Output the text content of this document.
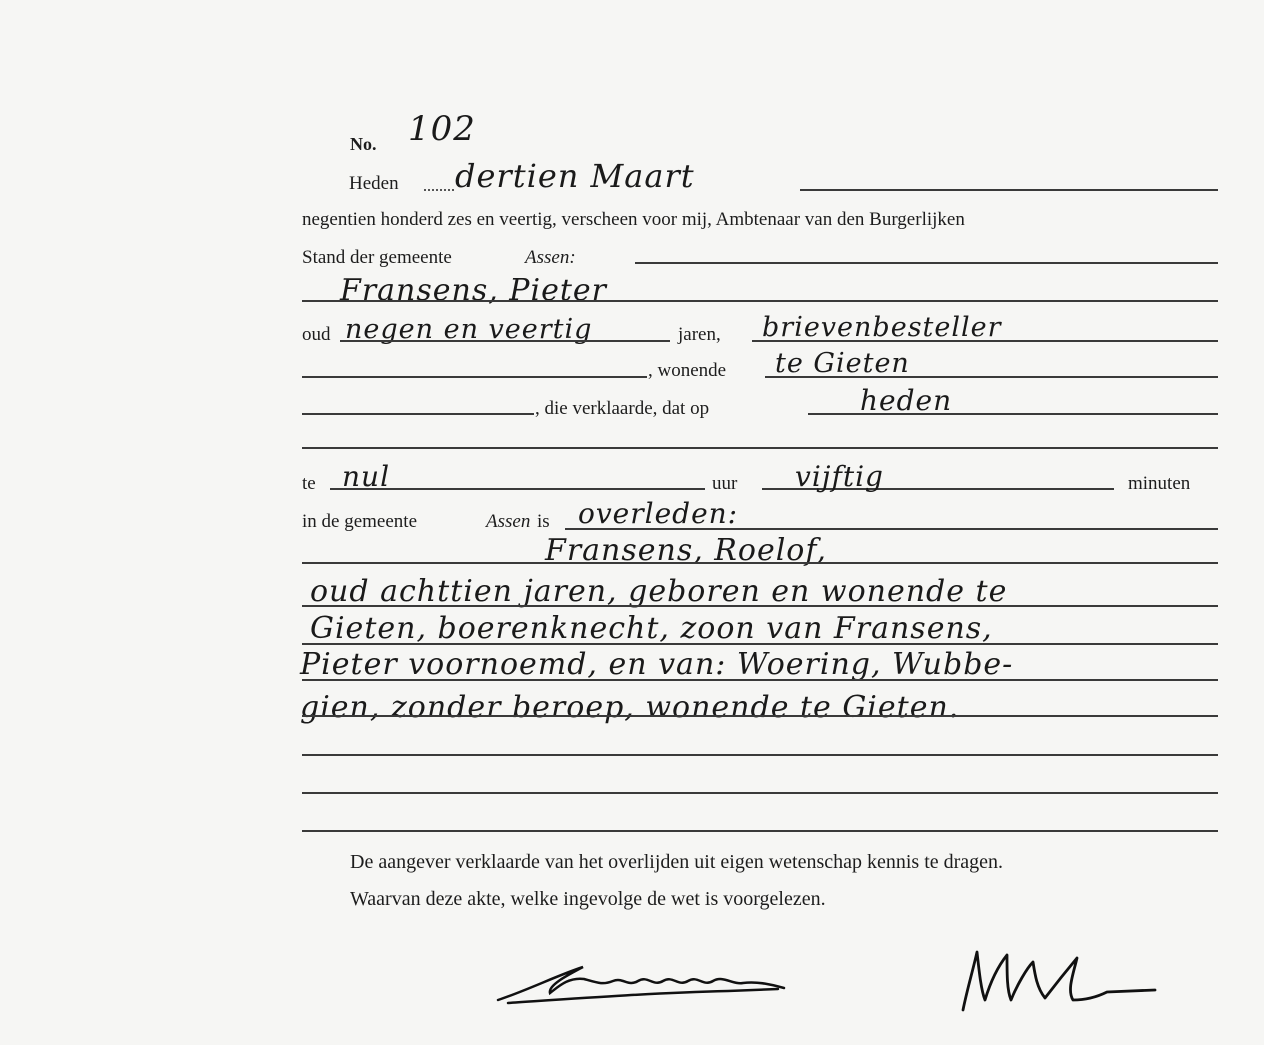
No. 102
Heden dertien Maart
negentien honderd zes en veertig, verscheen voor mij, Ambtenaar van den Burgerlijken
Stand der gemeente	Assen:
Fransens, Pieter
oud negen en veertig	jaren, brievenbesteller
, wonende te Gieten
, die verklaarde, dat op	heden
te nul	uur vijftig	minuten
in de gemeente	Assen is overleden:
Fransens, Roelof,
oud achttien jaren, geboren en wonende te
Gieten, boerenknecht, zoon van Fransens,
Pieter voornoemd, en van: Woering, Wubbe-
gien, zonder beroep, wonende te Gieten.
De aangever verklaarde van het overlijden uit eigen wetenschap kennis te dragen.
Waarvan deze akte, welke ingevolge de wet is voorgelezen.
